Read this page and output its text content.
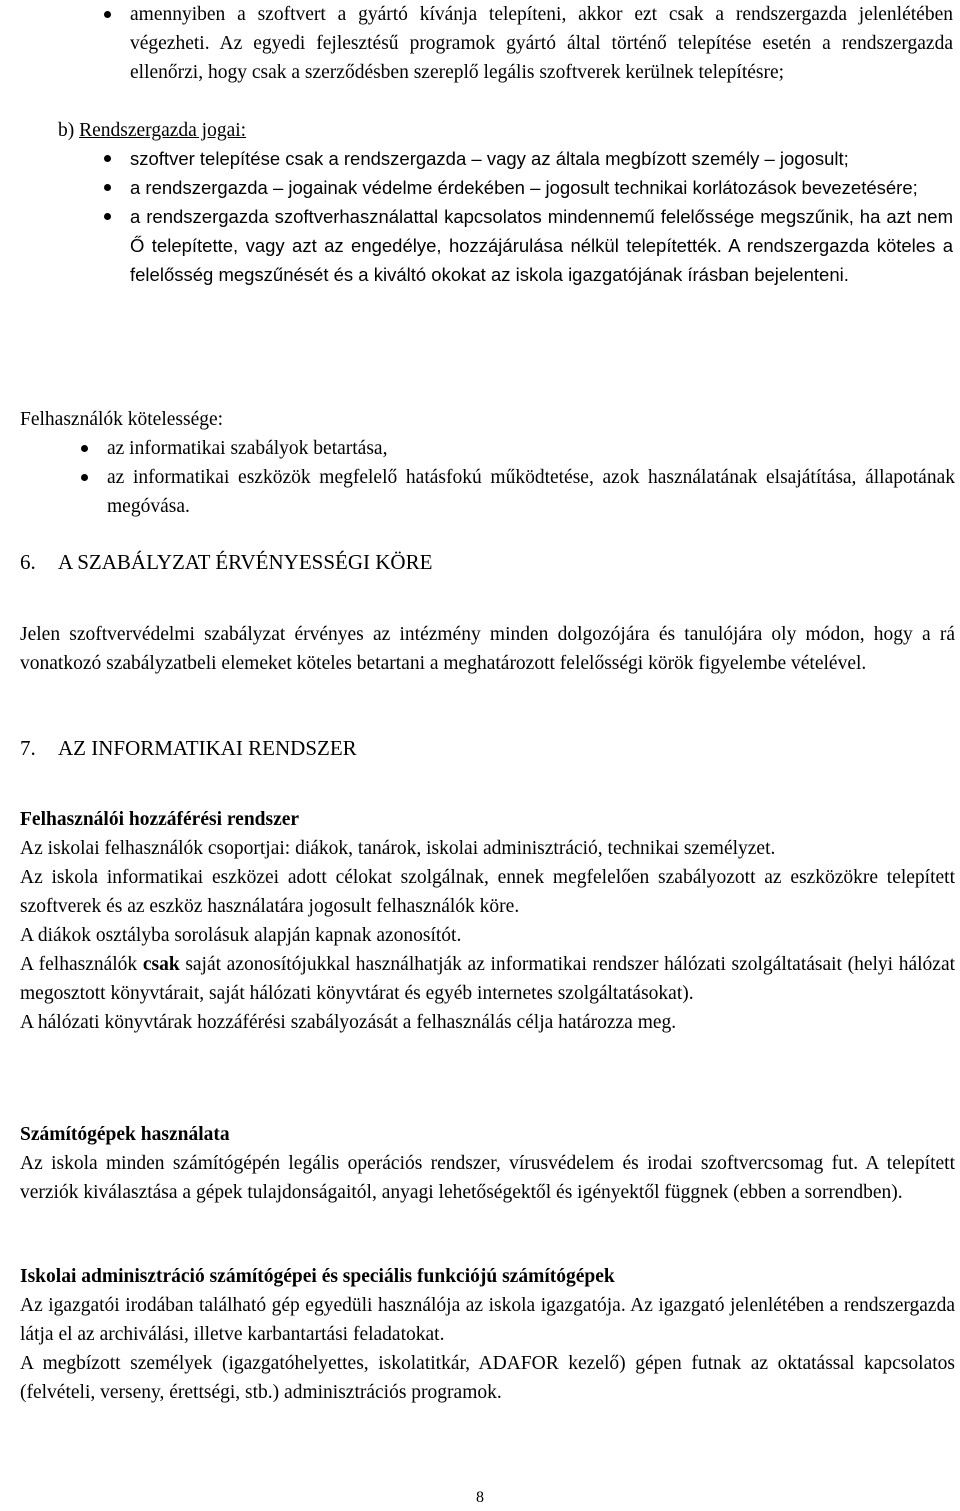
amennyiben a szoftvert a gyártó kívánja telepíteni, akkor ezt csak a rendszergazda jelenlétében végezheti. Az egyedi fejlesztésű programok gyártó által történő telepítése esetén a rendszergazda ellenőrzi, hogy csak a szerződésben szereplő legális szoftverek kerülnek telepítésre;
b) Rendszergazda jogai:
szoftver telepítése csak a rendszergazda – vagy az általa megbízott személy – jogosult;
a rendszergazda – jogainak védelme érdekében – jogosult technikai korlátozások bevezetésére;
a rendszergazda szoftverhasználattal kapcsolatos mindennemű felelőssége megszűnik, ha azt nem Ő telepítette, vagy azt az engedélye, hozzájárulása nélkül telepítették. A rendszergazda köteles a felelősség megszűnését és a kiváltó okokat az iskola igazgatójának írásban bejelenteni.

Felhasználók kötelessége:

az informatikai szabályok betartása,
az informatikai eszközök megfelelő hatásfokú működtetése, azok használatának elsajátítása, állapotának megóvása.
6.	A SZABÁLYZAT ÉRVÉNYESSÉGI KÖRE

Jelen szoftvervédelmi szabályzat érvényes az intézmény minden dolgozójára és tanulójára oly módon, hogy a rá vonatkozó szabályzatbeli elemeket köteles betartani a meghatározott felelősségi körök figyelembe vételével.

7.	AZ INFORMATIKAI RENDSZER

Felhasználói hozzáférési rendszer

Az iskolai felhasználók csoportjai: diákok, tanárok, iskolai adminisztráció, technikai személyzet.

Az iskola informatikai eszközei adott célokat szolgálnak, ennek megfelelően szabályozott az eszközökre telepített szoftverek és az eszköz használatára jogosult felhasználók köre.

A diákok osztályba sorolásuk alapján kapnak azonosítót.

A felhasználók csak saját azonosítójukkal használhatják az informatikai rendszer hálózati szolgáltatásait (helyi hálózat megosztott könyvtárait, saját hálózati könyvtárat és egyéb internetes szolgáltatásokat).

A hálózati könyvtárak hozzáférési szabályozását a felhasználás célja határozza meg.

Számítógépek használata

Az iskola minden számítógépén legális operációs rendszer, vírusvédelem és irodai szoftvercsomag fut. A telepített verziók kiválasztása a gépek tulajdonságaitól, anyagi lehetőségektől és igényektől függnek (ebben a sorrendben).

Iskolai adminisztráció számítógépei és speciális funkciójú számítógépek

Az igazgatói irodában található gép egyedüli használója az iskola igazgatója. Az igazgató jelenlétében a rendszergazda látja el az archiválási, illetve karbantartási feladatokat.

A megbízott személyek (igazgatóhelyettes, iskolatitkár, ADAFOR kezelő) gépen futnak az oktatással kapcsolatos (felvételi, verseny, érettségi, stb.) adminisztrációs programok.

8
